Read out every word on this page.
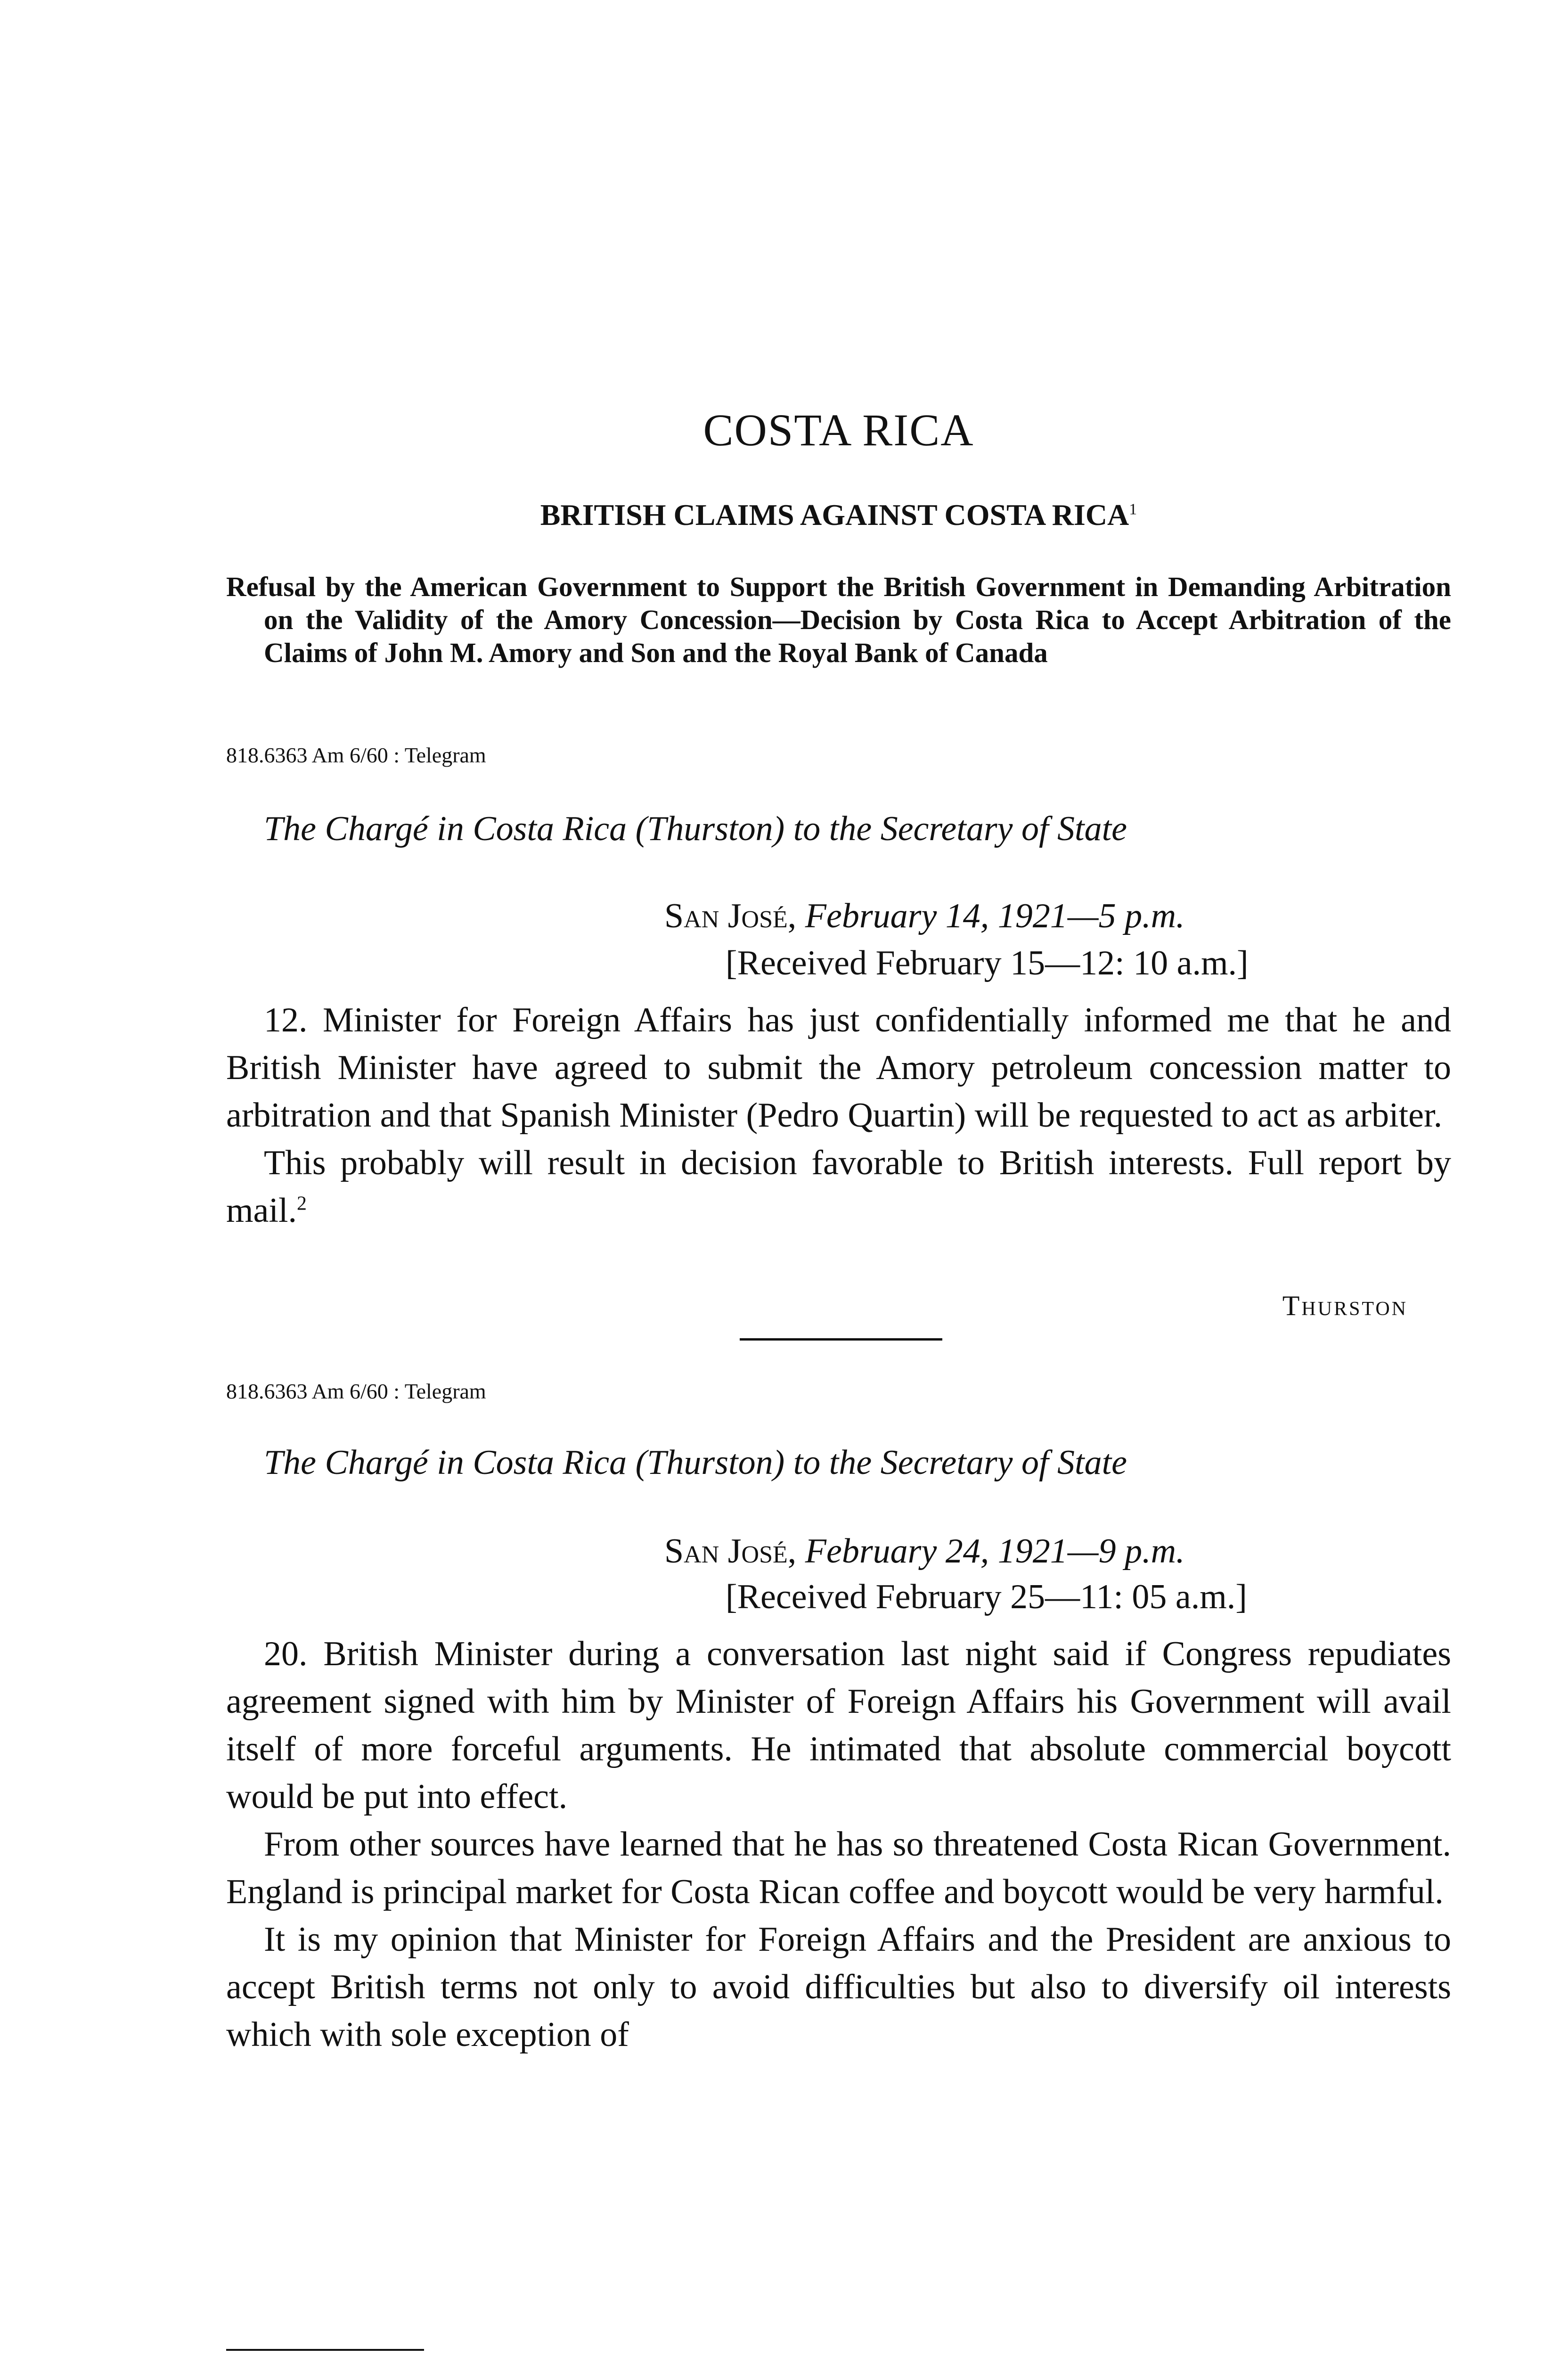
COSTA RICA
BRITISH CLAIMS AGAINST COSTA RICA$^1$
Refusal by the American Government to Support the British Government in Demanding Arbitration on the Validity of the Amory Concession—Decision by Costa Rica to Accept Arbitration of the Claims of John M. Amory and Son and the Royal Bank of Canada
818.6363 Am 6/60 : Telegram
The Chargé in Costa Rica (Thurston) to the Secretary of State
San José, February 14, 1921—5 p.m.
[Received February 15—12: 10 a.m.]

12. Minister for Foreign Affairs has just confidentially informed me that he and British Minister have agreed to submit the Amory petroleum concession matter to arbitration and that Spanish Minister (Pedro Quartin) will be requested to act as arbiter.

This probably will result in decision favorable to British interests. Full report by mail.$^2$

Thurston
818.6363 Am 6/60 : Telegram
The Chargé in Costa Rica (Thurston) to the Secretary of State
San José, February 24, 1921—9 p.m.
[Received February 25—11: 05 a.m.]

20. British Minister during a conversation last night said if Congress repudiates agreement signed with him by Minister of Foreign Affairs his Government will avail itself of more forceful arguments. He intimated that absolute commercial boycott would be put into effect.

From other sources have learned that he has so threatened Costa Rican Government. England is principal market for Costa Rican coffee and boycott would be very harmful.

It is my opinion that Minister for Foreign Affairs and the President are anxious to accept British terms not only to avoid difficulties but also to diversify oil interests which with sole exception of
